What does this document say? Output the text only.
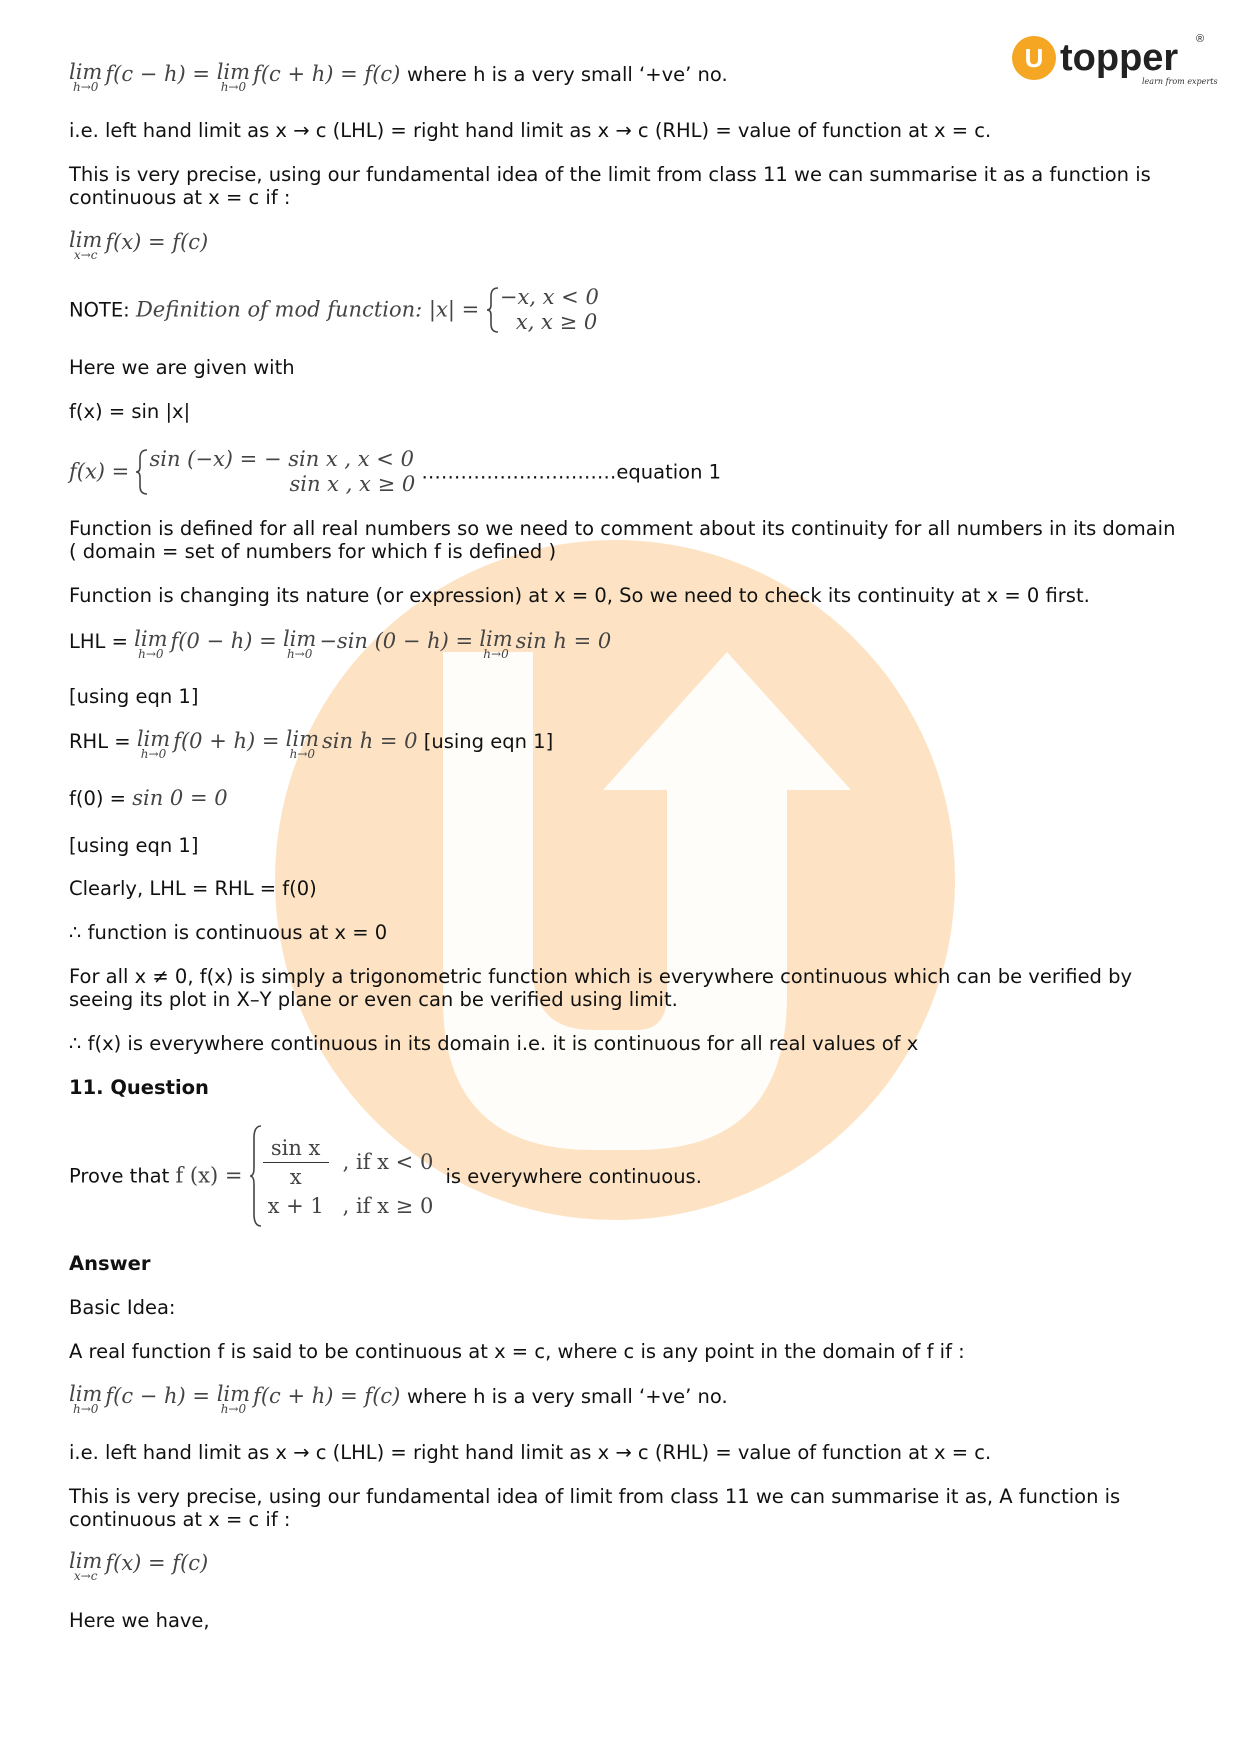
U topper ®
learn from experts
lim
h→0
f(c − h) = lim
h→0
f(c + h) = f(c) where h is a very small ‘+ve’ no.
i.e. left hand limit as x → c (LHL) = right hand limit as x → c (RHL) = value of function at x = c.
This is very precise, using our fundamental idea of the limit from class 11 we can summarise it as a function is continuous at x = c if :
lim
x→c
f(x) = f(c)
NOTE: Definition of mod function: |x| =
−x, x < 0
x, x ≥ 0
Here we are given with
f(x) = sin |x|
f(x) =
sin (−x) = − sin x , x < 0
sin x , x ≥ 0 …………………………equation 1
Function is defined for all real numbers so we need to comment about its continuity for all numbers in its domain ( domain = set of numbers for which f is defined )
Function is changing its nature (or expression) at x = 0, So we need to check its continuity at x = 0 first.
LHL = lim
h→0
f(0 − h) = lim
h→0
−sin (0 − h) = lim
h→0
sin h = 0
[using eqn 1]
RHL = lim
h→0
f(0 + h) = lim
h→0
sin h = 0 [using eqn 1]
f(0) = sin 0 = 0
[using eqn 1]
Clearly, LHL = RHL = f(0)
∴ function is continuous at x = 0
For all x ≠ 0, f(x) is simply a trigonometric function which is everywhere continuous which can be verified by seeing its plot in X–Y plane or even can be verified using limit.
∴ f(x) is everywhere continuous in its domain i.e. it is continuous for all real values of x
11. Question
Prove that f $(x) = \frac{\text{sin x}}{x}$ , if x < 0
x + 1 , if x ≥ 0
is everywhere continuous.
Answer
Basic Idea:
A real function f is said to be continuous at x = c, where c is any point in the domain of f if :
lim
h→0
f(c − h) = lim
h→0
f(c + h) = f(c) where h is a very small ‘+ve’ no.
i.e. left hand limit as x → c (LHL) = right hand limit as x → c (RHL) = value of function at x = c.
This is very precise, using our fundamental idea of limit from class 11 we can summarise it as, A function is continuous at x = c if :
lim
x→c
f(x) = f(c)
Here we have,
